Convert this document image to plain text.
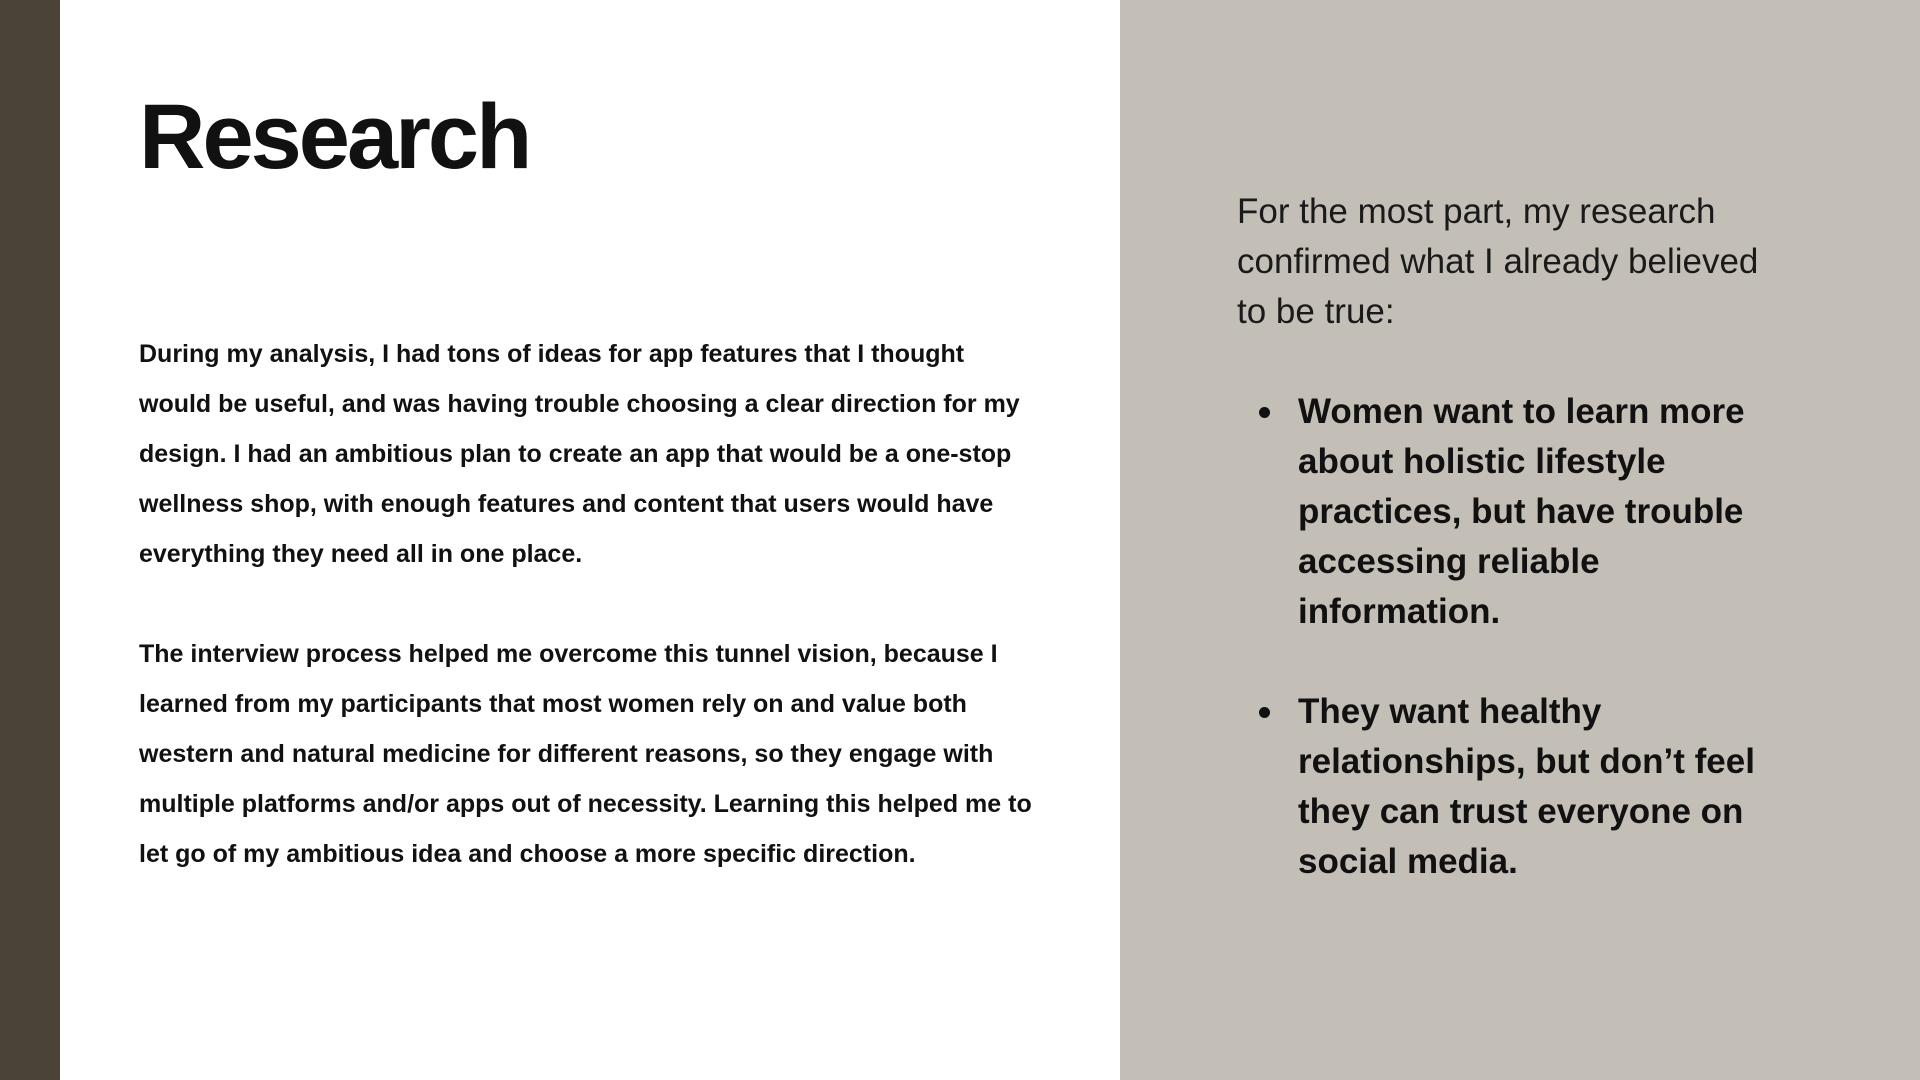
Research

During my analysis, I had tons of ideas for app features that I thought would be useful, and was having trouble choosing a clear direction for my design. I had an ambitious plan to create an app that would be a one-stop wellness shop, with enough features and content that users would have everything they need all in one place.

The interview process helped me overcome this tunnel vision, because I learned from my participants that most women rely on and value both western and natural medicine for different reasons, so they engage with multiple platforms and/or apps out of necessity. Learning this helped me to let go of my ambitious idea and choose a more specific direction.

For the most part, my research confirmed what I already believed to be true:

Women want to learn more about holistic lifestyle practices, but have trouble accessing reliable information.
They want healthy relationships, but don’t feel they can trust everyone on social media.
